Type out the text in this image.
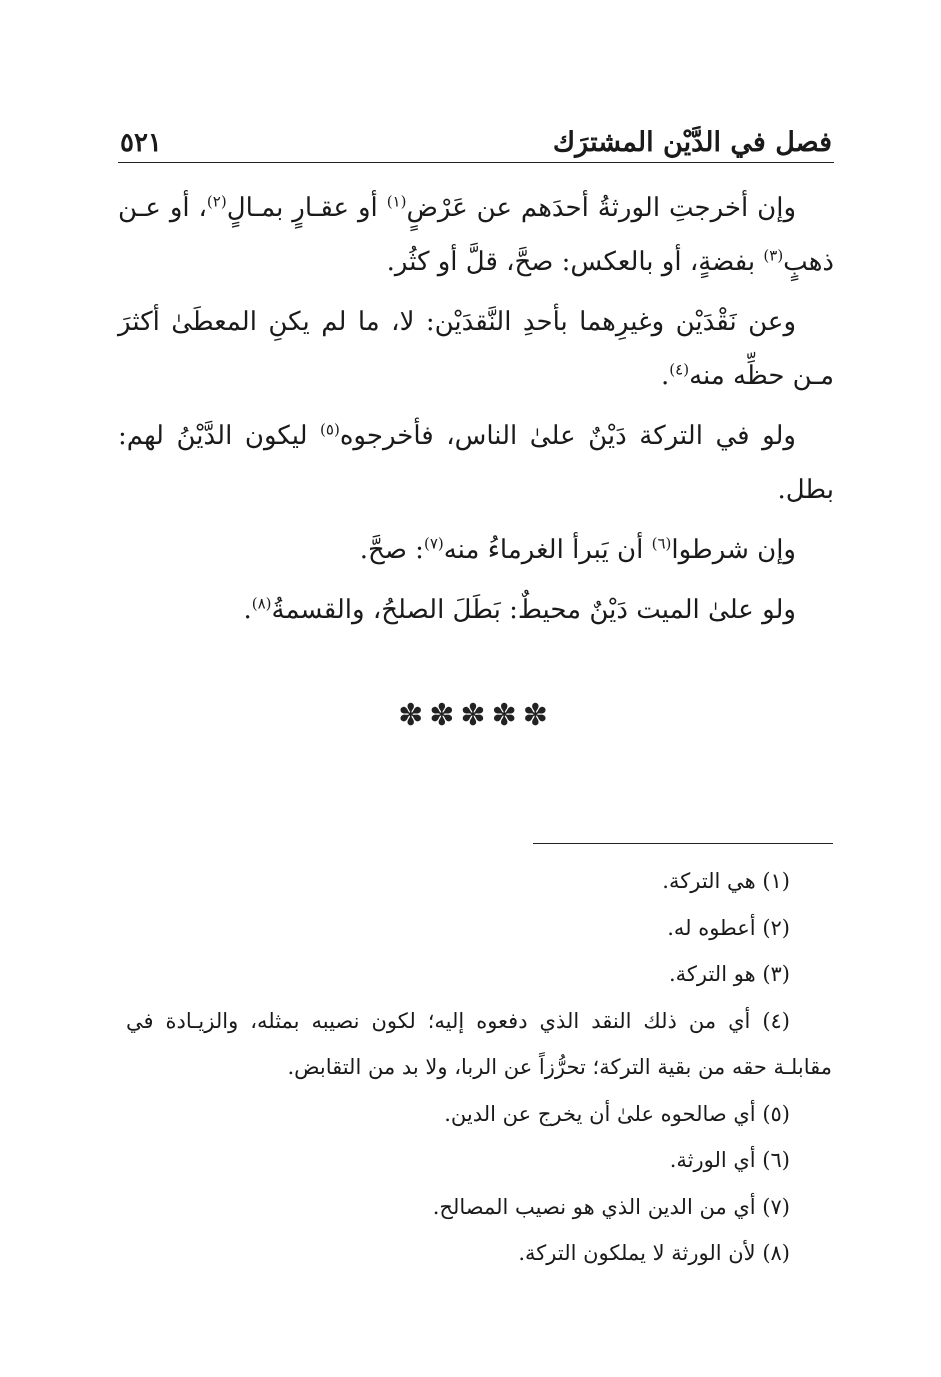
فصل في الدَّيْن المشترَك
٥٢١

وإن أخرجتِ الورثةُ أحدَهم عن عَرْضٍ$^{(١)}$ أو عقـارٍ بمـالٍ$^{(٢)}$، أو عـن ذهبٍ$^{(٣)}$ بفضةٍ، أو بالعكس: صحَّ، قلَّ أو كثُر.

وعن نَقْدَيْن وغيرِهما بأحدِ النَّقدَيْن: لا، ما لم يكنِ المعطَىٰ أكثرَ مـن حظِّه منه$^{(٤)}$.

ولو في التركة دَيْنٌ علىٰ الناس، فأخرجوه$^{(٥)}$ ليكون الدَّيْنُ لهم: بطل.

وإن شرطوا$^{(٦)}$ أن يَبرأ الغرماءُ منه$^{(٧)}$: صحَّ.

ولو علىٰ الميت دَيْنٌ محيطٌ: بَطَلَ الصلحُ، والقسمةُ$^{(٨)}$.

✽✽✽✽✽

(١) هي التركة.

(٢) أعطوه له.

(٣) هو التركة.

(٤) أي من ذلك النقد الذي دفعوه إليه؛ لكون نصيبه بمثله، والزيـادة في مقابلـة حقه من بقية التركة؛ تحرُّزاً عن الربا، ولا بد من التقابض.

(٥) أي صالحوه علىٰ أن يخرج عن الدين.

(٦) أي الورثة.

(٧) أي من الدين الذي هو نصيب المصالح.

(٨) لأن الورثة لا يملكون التركة.
